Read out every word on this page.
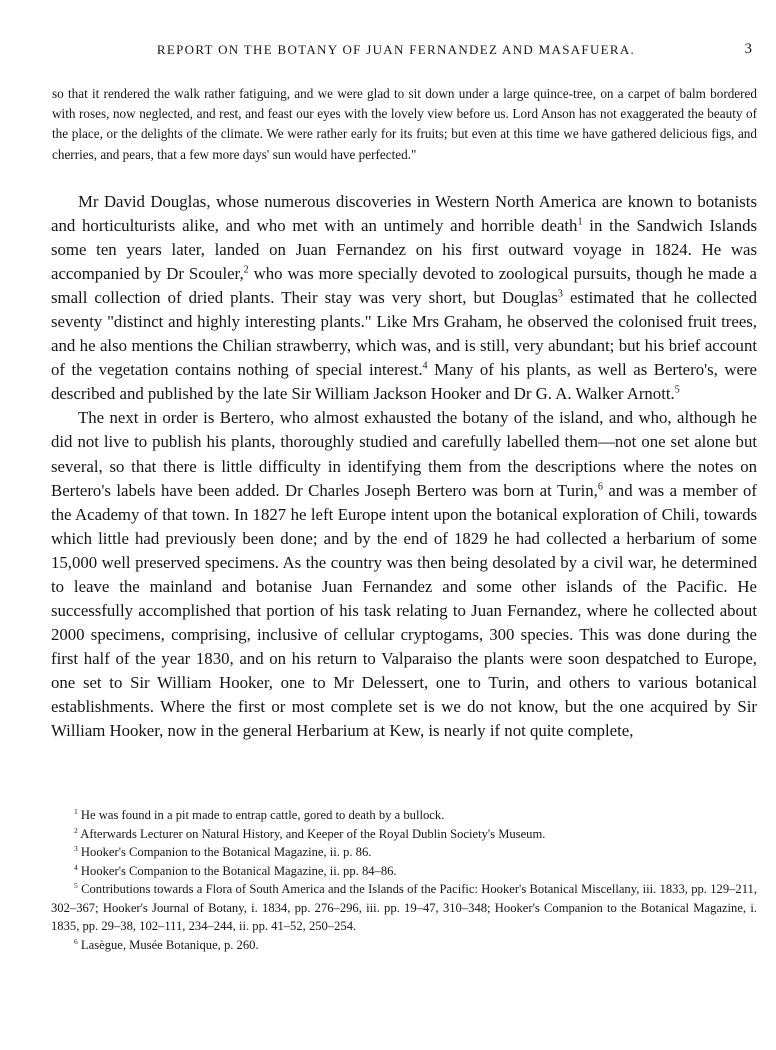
REPORT ON THE BOTANY OF JUAN FERNANDEZ AND MASAFUERA.	3

so that it rendered the walk rather fatiguing, and we were glad to sit down under a large quince-tree, on a carpet of balm bordered with roses, now neglected, and rest, and feast our eyes with the lovely view before us. Lord Anson has not exaggerated the beauty of the place, or the delights of the climate. We were rather early for its fruits; but even at this time we have gathered delicious figs, and cherries, and pears, that a few more days' sun would have perfected."

Mr David Douglas, whose numerous discoveries in Western North America are known to botanists and horticulturists alike, and who met with an untimely and horrible death$^1$ in the Sandwich Islands some ten years later, landed on Juan Fernandez on his first outward voyage in 1824. He was accompanied by Dr Scouler,$^2$ who was more specially devoted to zoological pursuits, though he made a small collection of dried plants. Their stay was very short, but Douglas$^3$ estimated that he collected seventy "distinct and highly interesting plants." Like Mrs Graham, he observed the colonised fruit trees, and he also mentions the Chilian strawberry, which was, and is still, very abundant; but his brief account of the vegetation contains nothing of special interest.$^4$ Many of his plants, as well as Bertero's, were described and published by the late Sir William Jackson Hooker and Dr G. A. Walker Arnott.$^5$

The next in order is Bertero, who almost exhausted the botany of the island, and who, although he did not live to publish his plants, thoroughly studied and carefully labelled them—not one set alone but several, so that there is little difficulty in identifying them from the descriptions where the notes on Bertero's labels have been added. Dr Charles Joseph Bertero was born at Turin,$^6$ and was a member of the Academy of that town. In 1827 he left Europe intent upon the botanical exploration of Chili, towards which little had previously been done; and by the end of 1829 he had collected a herbarium of some 15,000 well preserved specimens. As the country was then being desolated by a civil war, he determined to leave the mainland and botanise Juan Fernandez and some other islands of the Pacific. He successfully accomplished that portion of his task relating to Juan Fernandez, where he collected about 2000 specimens, comprising, inclusive of cellular cryptogams, 300 species. This was done during the first half of the year 1830, and on his return to Valparaiso the plants were soon despatched to Europe, one set to Sir William Hooker, one to Mr Delessert, one to Turin, and others to various botanical establishments. Where the first or most complete set is we do not know, but the one acquired by Sir William Hooker, now in the general Herbarium at Kew, is nearly if not quite complete,

$^1$ He was found in a pit made to entrap cattle, gored to death by a bullock.

$^2$ Afterwards Lecturer on Natural History, and Keeper of the Royal Dublin Society's Museum.

$^3$ Hooker's Companion to the Botanical Magazine, ii. p. 86.

$^4$ Hooker's Companion to the Botanical Magazine, ii. pp. 84–86.

$^5$ Contributions towards a Flora of South America and the Islands of the Pacific: Hooker's Botanical Miscellany, iii. 1833, pp. 129–211, 302–367; Hooker's Journal of Botany, i. 1834, pp. 276–296, iii. pp. 19–47, 310–348; Hooker's Companion to the Botanical Magazine, i. 1835, pp. 29–38, 102–111, 234–244, ii. pp. 41–52, 250–254.

$^6$ Lasègue, Musée Botanique, p. 260.
